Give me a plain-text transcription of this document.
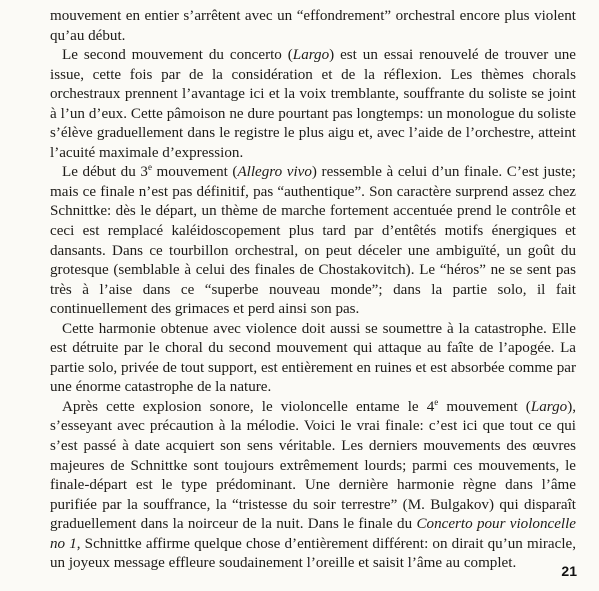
mouvement en entier s’arrêtent avec un “effondrement” orchestral encore plus violent qu’au début.

Le second mouvement du concerto (Largo) est un essai renouvelé de trouver une issue, cette fois par de la considération et de la réflexion. Les thèmes chorals orchestraux prennent l’avantage ici et la voix tremblante, souffrante du soliste se joint à l’un d’eux. Cette pâmoison ne dure pourtant pas longtemps: un monologue du soliste s’élève graduellement dans le registre le plus aigu et, avec l’aide de l’orchestre, atteint l’acuité maximale d’expression.

Le début du 3e mouvement (Allegro vivo) ressemble à celui d’un finale. C’est juste; mais ce finale n’est pas définitif, pas “authentique”. Son caractère surprend assez chez Schnittke: dès le départ, un thème de marche fortement accentuée prend le contrôle et ceci est remplacé kaléidoscopement plus tard par d’entêtés motifs énergiques et dansants. Dans ce tourbillon orchestral, on peut déceler une ambiguïté, un goût du grotesque (semblable à celui des finales de Chostakovitch). Le “héros” ne se sent pas très à l’aise dans ce “superbe nouveau monde”; dans la partie solo, il fait continuellement des grimaces et perd ainsi son pas.

Cette harmonie obtenue avec violence doit aussi se soumettre à la catastrophe. Elle est détruite par le choral du second mouvement qui attaque au faîte de l’apogée. La partie solo, privée de tout support, est entièrement en ruines et est absorbée comme par une énorme catastrophe de la nature.

Après cette explosion sonore, le violoncelle entame le 4e mouvement (Largo), s’esseyant avec précaution à la mélodie. Voici le vrai finale: c’est ici que tout ce qui s’est passé à date acquiert son sens véritable. Les derniers mouvements des œuvres majeures de Schnittke sont toujours extrêmement lourds; parmi ces mouvements, le finale-départ est le type prédominant. Une dernière harmonie règne dans l’âme purifiée par la souffrance, la “tristesse du soir terrestre” (M. Bulgakov) qui disparaît graduellement dans la noirceur de la nuit. Dans le finale du Concerto pour violoncelle no 1, Schnittke affirme quelque chose d’entièrement différent: on dirait qu’un miracle, un joyeux message effleure soudainement l’oreille et saisit l’âme au complet.	21
